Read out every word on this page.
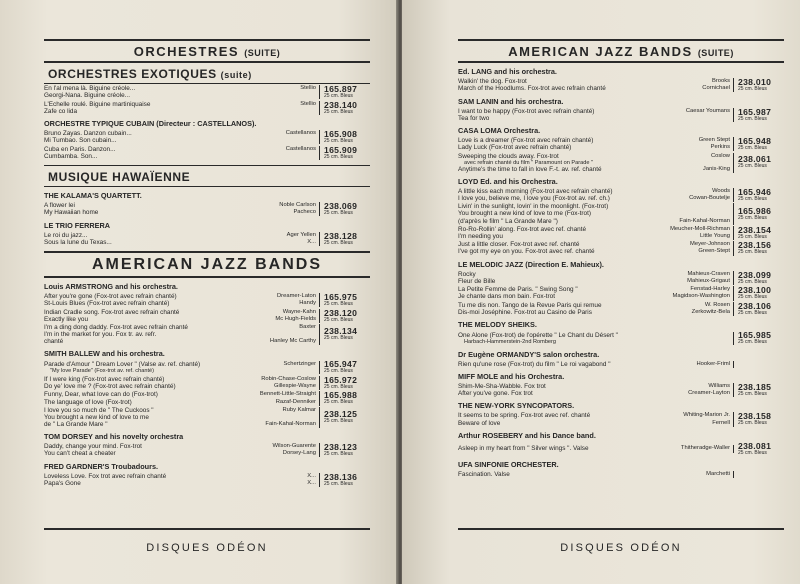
ORCHESTRES (SUITE)
ORCHESTRES EXOTIQUES (suite)
En l'al mena là. Biguine créole...	Stellio
Georgi-Nana. Biguine créole...
165.897
25 cm. Bleus
L'Echelle roulé. Biguine martiniquaise	Stellio
Zafe co lida
238.140
25 cm. Bleus
ORCHESTRE TYPIQUE CUBAIN (Directeur : CASTELLANOS).
Bruno Zayas. Danzon cubain...	Castellanos
Mi Tumbao. Son cubain...
165.908
25 cm. Bleus
Cuba en Paris. Danzon...	Castellanos
Cumbamba. Son...
165.909
25 cm. Bleus
MUSIQUE HAWAÏENNE
THE KALAMA'S QUARTETT.
A flower lei	Noble Carlson
My Hawaiian home	Pacheco
238.069
25 cm. Bleus
LE TRIO FERRERA
Le roi du jazz...	Ager Yellen
Sous la lune du Texas...	X...
238.128
25 cm. Bleus
AMERICAN JAZZ BANDS
Louis ARMSTRONG and his orchestra.
After you're gone (Fox-trot avec refrain chanté)	Dreamer-Laton
St-Louis Blues (Fox-trot avec refrain chanté)	Handy
165.975
25 cm. Bleus
Indian Cradle song. Fox-trot avec refrain chanté	Wayne-Kahn
Exactly like you	Mc Hugh-Fields
238.120
25 cm. Bleus
I'm a ding dong daddy. Fox-trot avec refrain chanté	Baxter
I'm in the market for you. Fox tr. av. refr.
chanté	Hanley Mc Carthy
238.134
25 cm. Bleus
SMITH BALLEW and his orchestra.
Parade d'Amour " Dream Lover " (Valse av. ref. chanté)	Schertzinger
"My love Parade" (Fox-trot av. ref. chanté)
165.947
25 cm. Bleus
If I were king (Fox-trot avec refrain chanté)	Robin-Chase-Coslow
Do ye' love me ? (Fox-trot avec refrain chanté)	Gillespie-Wayne
165.972
25 cm. Bleus
Funny, Dear, what love can do (Fox-trot)	Bennett-Little-Straight
The language of love (Fox-trot)	Razaf-Denniker
165.988
25 cm. Bleus
I love you so much de " The Cuckoos "	Ruby Kalmar
You brought a new kind of love to me
de " La Grande Mare "	Fain-Kahal-Norman
238.125
25 cm. Bleus
TOM DORSEY and his novelty orchestra
Daddy, change your mind. Fox-trot	Wilson-Guarente
You can't cheat a cheater	Dorsey-Lang
238.123
25 cm. Bleus
FRED GARDNER'S Troubadours.
Loveless Love. Fox trot avec refrain chanté	X...
Papa's Gone	X...
238.136
25 cm. Bleus
DISQUES ODÉON
AMERICAN JAZZ BANDS (SUITE)
Ed. LANG and his orchestra.
Walkin' the dog. Fox-trot	Brooks
March of the Hoodlums. Fox-trot avec refrain chanté	Cornichael
238.010
25 cm. Bleus
SAM LANIN and his orchestra.
I want to be happy (Fox-trot avec refrain chanté)	Caesar Youmans
Tea for two
165.987
25 cm. Bleus
CASA LOMA Orchestra.
Love is a dreamer (Fox-trot avec refrain chanté)	Green Stept
Lady Luck (Fox-trot avec refrain chanté)	Perkins
165.948
25 cm. Bleus
Sweeping the clouds away. Fox-trot	Coslow
avec refrain chanté du film " Paramount on Parade "
Anytime's the time to fall in love F.-t. av. ref. chanté	Janis-King
238.061
25 cm. Bleus
LOYD Ed. and his Orchestra.
A little kiss each morning (Fox-trot avec refrain chanté)	Woods
I love you, believe me, I love you (Fox-trot av. ref. ch.)	Cowan-Boutelje
165.946
25 cm. Bleus
Livin' in the sunlight, lovin' in the moonlight. (Fox-trot)
You brought a new kind of love to me (Fox-trot)
(d'après le film " La Grande Mare ")	Fain-Kahal-Norman
165.986
25 cm. Bleus
Ro-Ro-Rollin' along. Fox-trot avec ref. chanté	Meucher-Moll-Richman
I'm needing you	Little Young
238.154
25 cm. Bleus
Just a little closer. Fox-trot avec ref. chanté	Meyer-Johnson
I've got my eye on you. Fox-trot avec ref. chanté	Green-Stept
238.156
25 cm. Bleus
LE MELODIC JAZZ (Direction E. Mahieux).
Rocky	Mahieux-Craven
Fleur de Bille	Mahieux-Grigaut
238.099
25 cm. Bleus
La Petite Femme de Paris. " Swing Song "	Fenstad-Harley
Je chante dans mon bain. Fox-trot	Magidson-Washington
238.100
25 cm. Bleus
Tu me dis non. Tango de la Revue Paris qui remue	W. Rosen
Dis-moi Joséphine. Fox-trot au Casino de Paris	Zerkowitz-Bela
238.106
25 cm. Bleus
THE MELODY SHEIKS.
One Alone (Fox-trot) de l'opérette " Le Chant du Désert "
Harbach-Hammerstein-2nd Romberg
165.985
25 cm. Bleus
Dr Eugène ORMANDY'S salon orchestra.
Rien qu'une rose (Fox-trot) du film " Le roi vagabond "	Hooker-Friml
MIFF MOLE and his Orchestra.
Shim-Me-Sha-Wabble. Fox trot	Williams
After you've gone. Fox trot	Creamer-Layton
238.185
25 cm. Bleus
THE NEW-YORK SYNCOPATORS.
It seems to be spring. Fox-trot avec ref. chanté	Whiting-Marion Jr.
Beware of love	Fernell
238.158
25 cm. Bleus
Arthur ROSEBERY and his Dance band.
Asleep in my heart from " Silver wings ". Valse	Thitheradge-Waller 238.081
25 cm. Bleus
UFA SINFONIE ORCHESTER.
Fascination. Valse	Marchetti
DISQUES ODÉON
